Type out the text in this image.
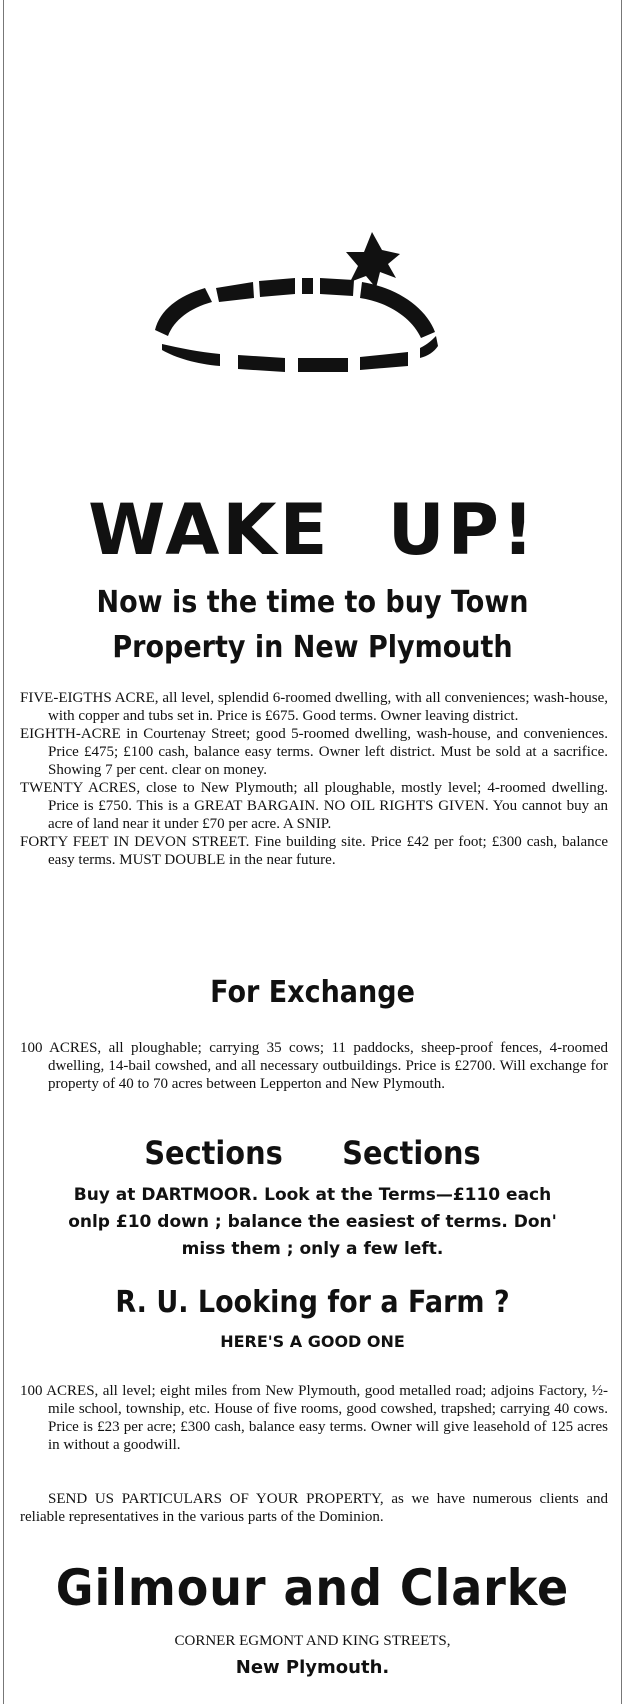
WAKE UP!
Now is the time to buy Town
Property in New Plymouth

FIVE-EIGTHS ACRE, all level, splendid 6-roomed dwelling, with all conveniences; wash-house, with copper and tubs set in. Price is £675. Good terms. Owner leaving district.

EIGHTH-ACRE in Courtenay Street; good 5-roomed dwelling, wash-house, and conveniences. Price £475; £100 cash, balance easy terms. Owner left district. Must be sold at a sacrifice. Showing 7 per cent. clear on money.

TWENTY ACRES, close to New Plymouth; all ploughable, mostly level; 4-roomed dwelling. Price is £750. This is a GREAT BARGAIN. NO OIL RIGHTS GIVEN. You cannot buy an acre of land near it under £70 per acre. A SNIP.

FORTY FEET IN DEVON STREET. Fine building site. Price £42 per foot; £300 cash, balance easy terms. MUST DOUBLE in the near future.

For Exchange

100 ACRES, all ploughable; carrying 35 cows; 11 paddocks, sheep-proof fences, 4-roomed dwelling, 14-bail cowshed, and all necessary outbuildings. Price is £2700. Will exchange for property of 40 to 70 acres between Lepperton and New Plymouth.

Sections Sections
Buy at DARTMOOR. Look at the Terms—£110 each
onlp £10 down ; balance the easiest of terms. Don'
miss them ; only a few left.
R. U. Looking for a Farm ?
HERE'S A GOOD ONE

100 ACRES, all level; eight miles from New Plymouth, good metalled road; adjoins Factory, ½-mile school, township, etc. House of five rooms, good cowshed, trapshed; carrying 40 cows. Price is £23 per acre; £300 cash, balance easy terms. Owner will give leasehold of 125 acres in without a goodwill.

SEND US PARTICULARS OF YOUR PROPERTY, as we have numerous clients and reliable representatives in the various parts of the Dominion.

Gilmour and Clarke
CORNER EGMONT AND KING STREETS,
New Plymouth.
